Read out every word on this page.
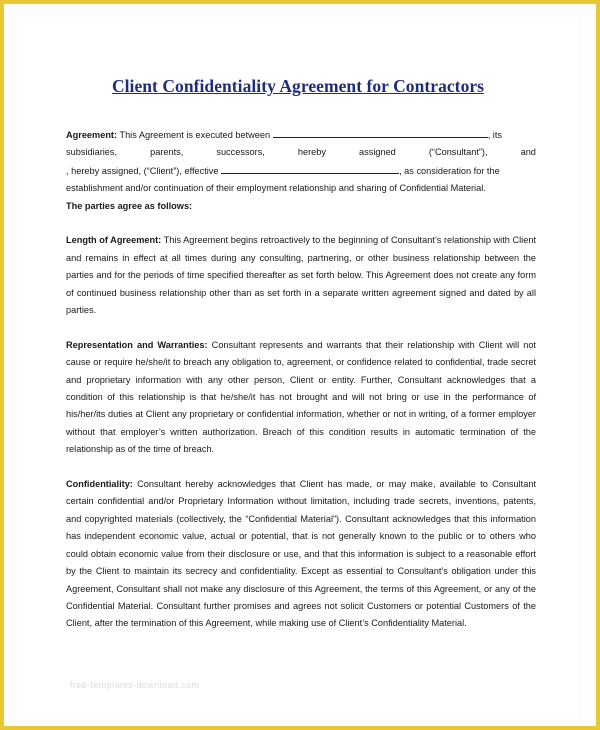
Client Confidentiality Agreement for Contractors
Agreement: This Agreement is executed between	, its
subsidiaries,	parents,	successors,	hereby	assigned	(“Consultant”),	and
, hereby assigned, (“Client”), effective	, as consideration for the
establishment and/or continuation of their employment relationship and sharing of Confidential Material.
The parties agree as follows:

Length of Agreement: This Agreement begins retroactively to the beginning of Consultant’s relationship with Client and remains in effect at all times during any consulting, partnering, or other business relationship between the parties and for the periods of time specified thereafter as set forth below. This Agreement does not create any form of continued business relationship other than as set forth in a separate written agreement signed and dated by all parties.

Representation and Warranties: Consultant represents and warrants that their relationship with Client will not cause or require he/she/it to breach any obligation to, agreement, or confidence related to confidential, trade secret and proprietary information with any other person, Client or entity. Further, Consultant acknowledges that a condition of this relationship is that he/she/it has not brought and will not bring or use in the performance of his/her/its duties at Client any proprietary or confidential information, whether or not in writing, of a former employer without that employer’s written authorization. Breach of this condition results in automatic termination of the relationship as of the time of breach.

Confidentiality: Consultant hereby acknowledges that Client has made, or may make, available to Consultant certain confidential and/or Proprietary Information without limitation, including trade secrets, inventions, patents, and copyrighted materials (collectively, the “Confidential Material”). Consultant acknowledges that this information has independent economic value, actual or potential, that is not generally known to the public or to others who could obtain economic value from their disclosure or use, and that this information is subject to a reasonable effort by the Client to maintain its secrecy and confidentiality. Except as essential to Consultant’s obligation under this Agreement, Consultant shall not make any disclosure of this Agreement, the terms of this Agreement, or any of the Confidential Material. Consultant further promises and agrees not solicit Customers or potential Customers of the Client, after the termination of this Agreement, while making use of Client’s Confidentiality Material.

free-templates-download.com
